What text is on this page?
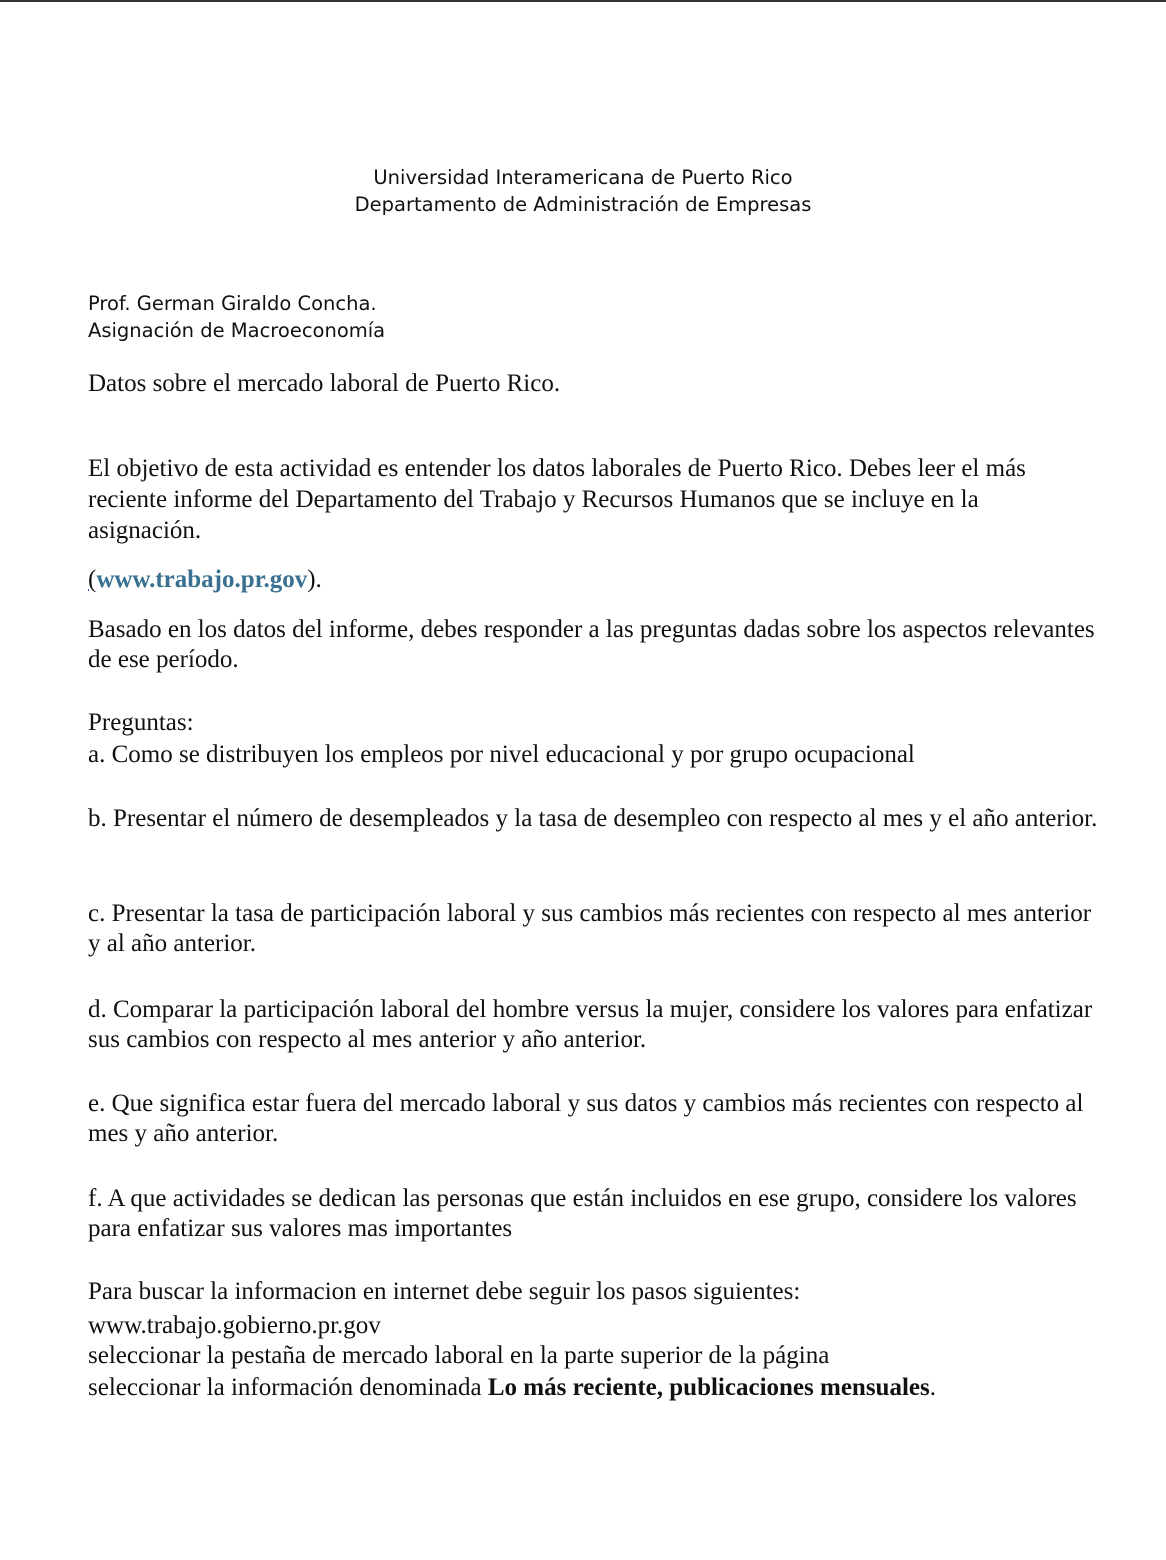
Universidad Interamericana de Puerto Rico
Departamento de Administración de Empresas
Prof. German Giraldo Concha.
Asignación de Macroeconomía
Datos sobre el mercado laboral de Puerto Rico.
El objetivo de esta actividad es entender los datos laborales de Puerto Rico. Debes leer el más reciente informe del Departamento del Trabajo y Recursos Humanos que se incluye en la asignación.
(www.trabajo.pr.gov).
Basado en los datos del informe, debes responder a las preguntas dadas sobre los aspectos relevantes de ese período.
Preguntas:
a. Como se distribuyen los empleos por nivel educacional y por grupo ocupacional
b. Presentar el número de desempleados y la tasa de desempleo con respecto al mes y el año anterior.
c. Presentar la tasa de participación laboral y sus cambios más recientes con respecto al mes anterior y al año anterior.
d. Comparar la participación laboral del hombre versus la mujer, considere los valores para enfatizar sus cambios con respecto al mes anterior y año anterior.
e. Que significa estar fuera del mercado laboral y sus datos y cambios más recientes con respecto al mes y año anterior.
f. A que actividades se dedican las personas que están incluidos en ese grupo, considere los valores para enfatizar sus valores mas importantes
Para buscar la informacion en internet debe seguir los pasos siguientes:
www.trabajo.gobierno.pr.gov
seleccionar la pestaña de mercado laboral en la parte superior de la página
seleccionar la información denominada Lo más reciente, publicaciones mensuales.
